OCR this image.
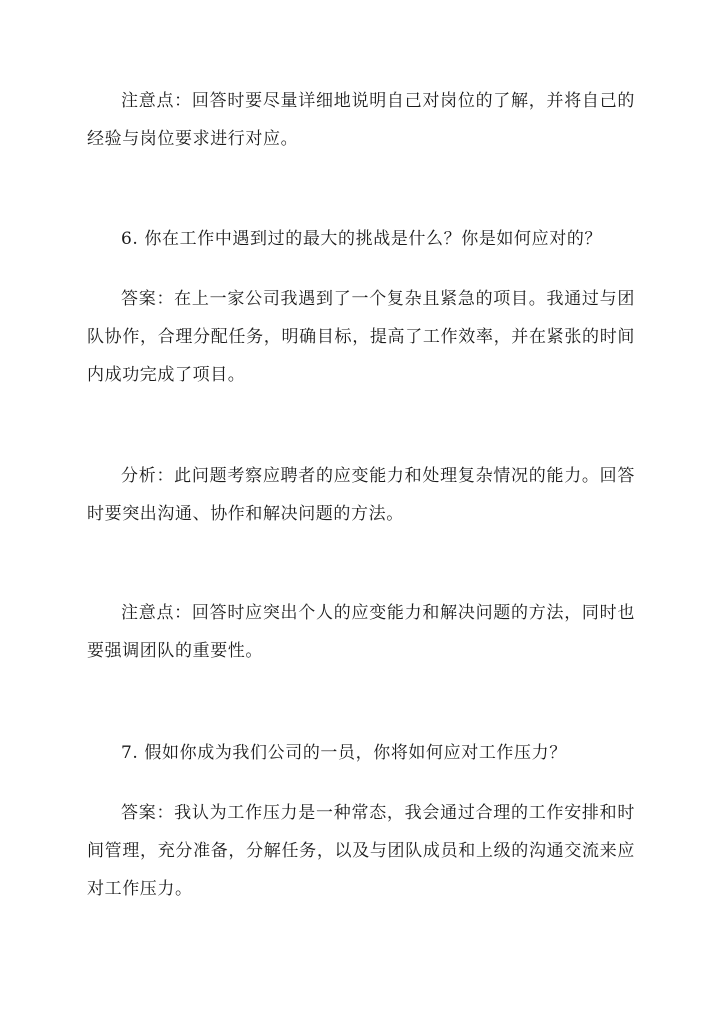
注意点：回答时要尽量详细地说明自己对岗位的了解，并将自己的经验与岗位要求进行对应。

6. 你在工作中遇到过的最大的挑战是什么？你是如何应对的？

答案：在上一家公司我遇到了一个复杂且紧急的项目。我通过与团队协作，合理分配任务，明确目标，提高了工作效率，并在紧张的时间内成功完成了项目。

分析：此问题考察应聘者的应变能力和处理复杂情况的能力。回答时要突出沟通、协作和解决问题的方法。

注意点：回答时应突出个人的应变能力和解决问题的方法，同时也要强调团队的重要性。

7. 假如你成为我们公司的一员，你将如何应对工作压力？

答案：我认为工作压力是一种常态，我会通过合理的工作安排和时间管理，充分准备，分解任务，以及与团队成员和上级的沟通交流来应对工作压力。
